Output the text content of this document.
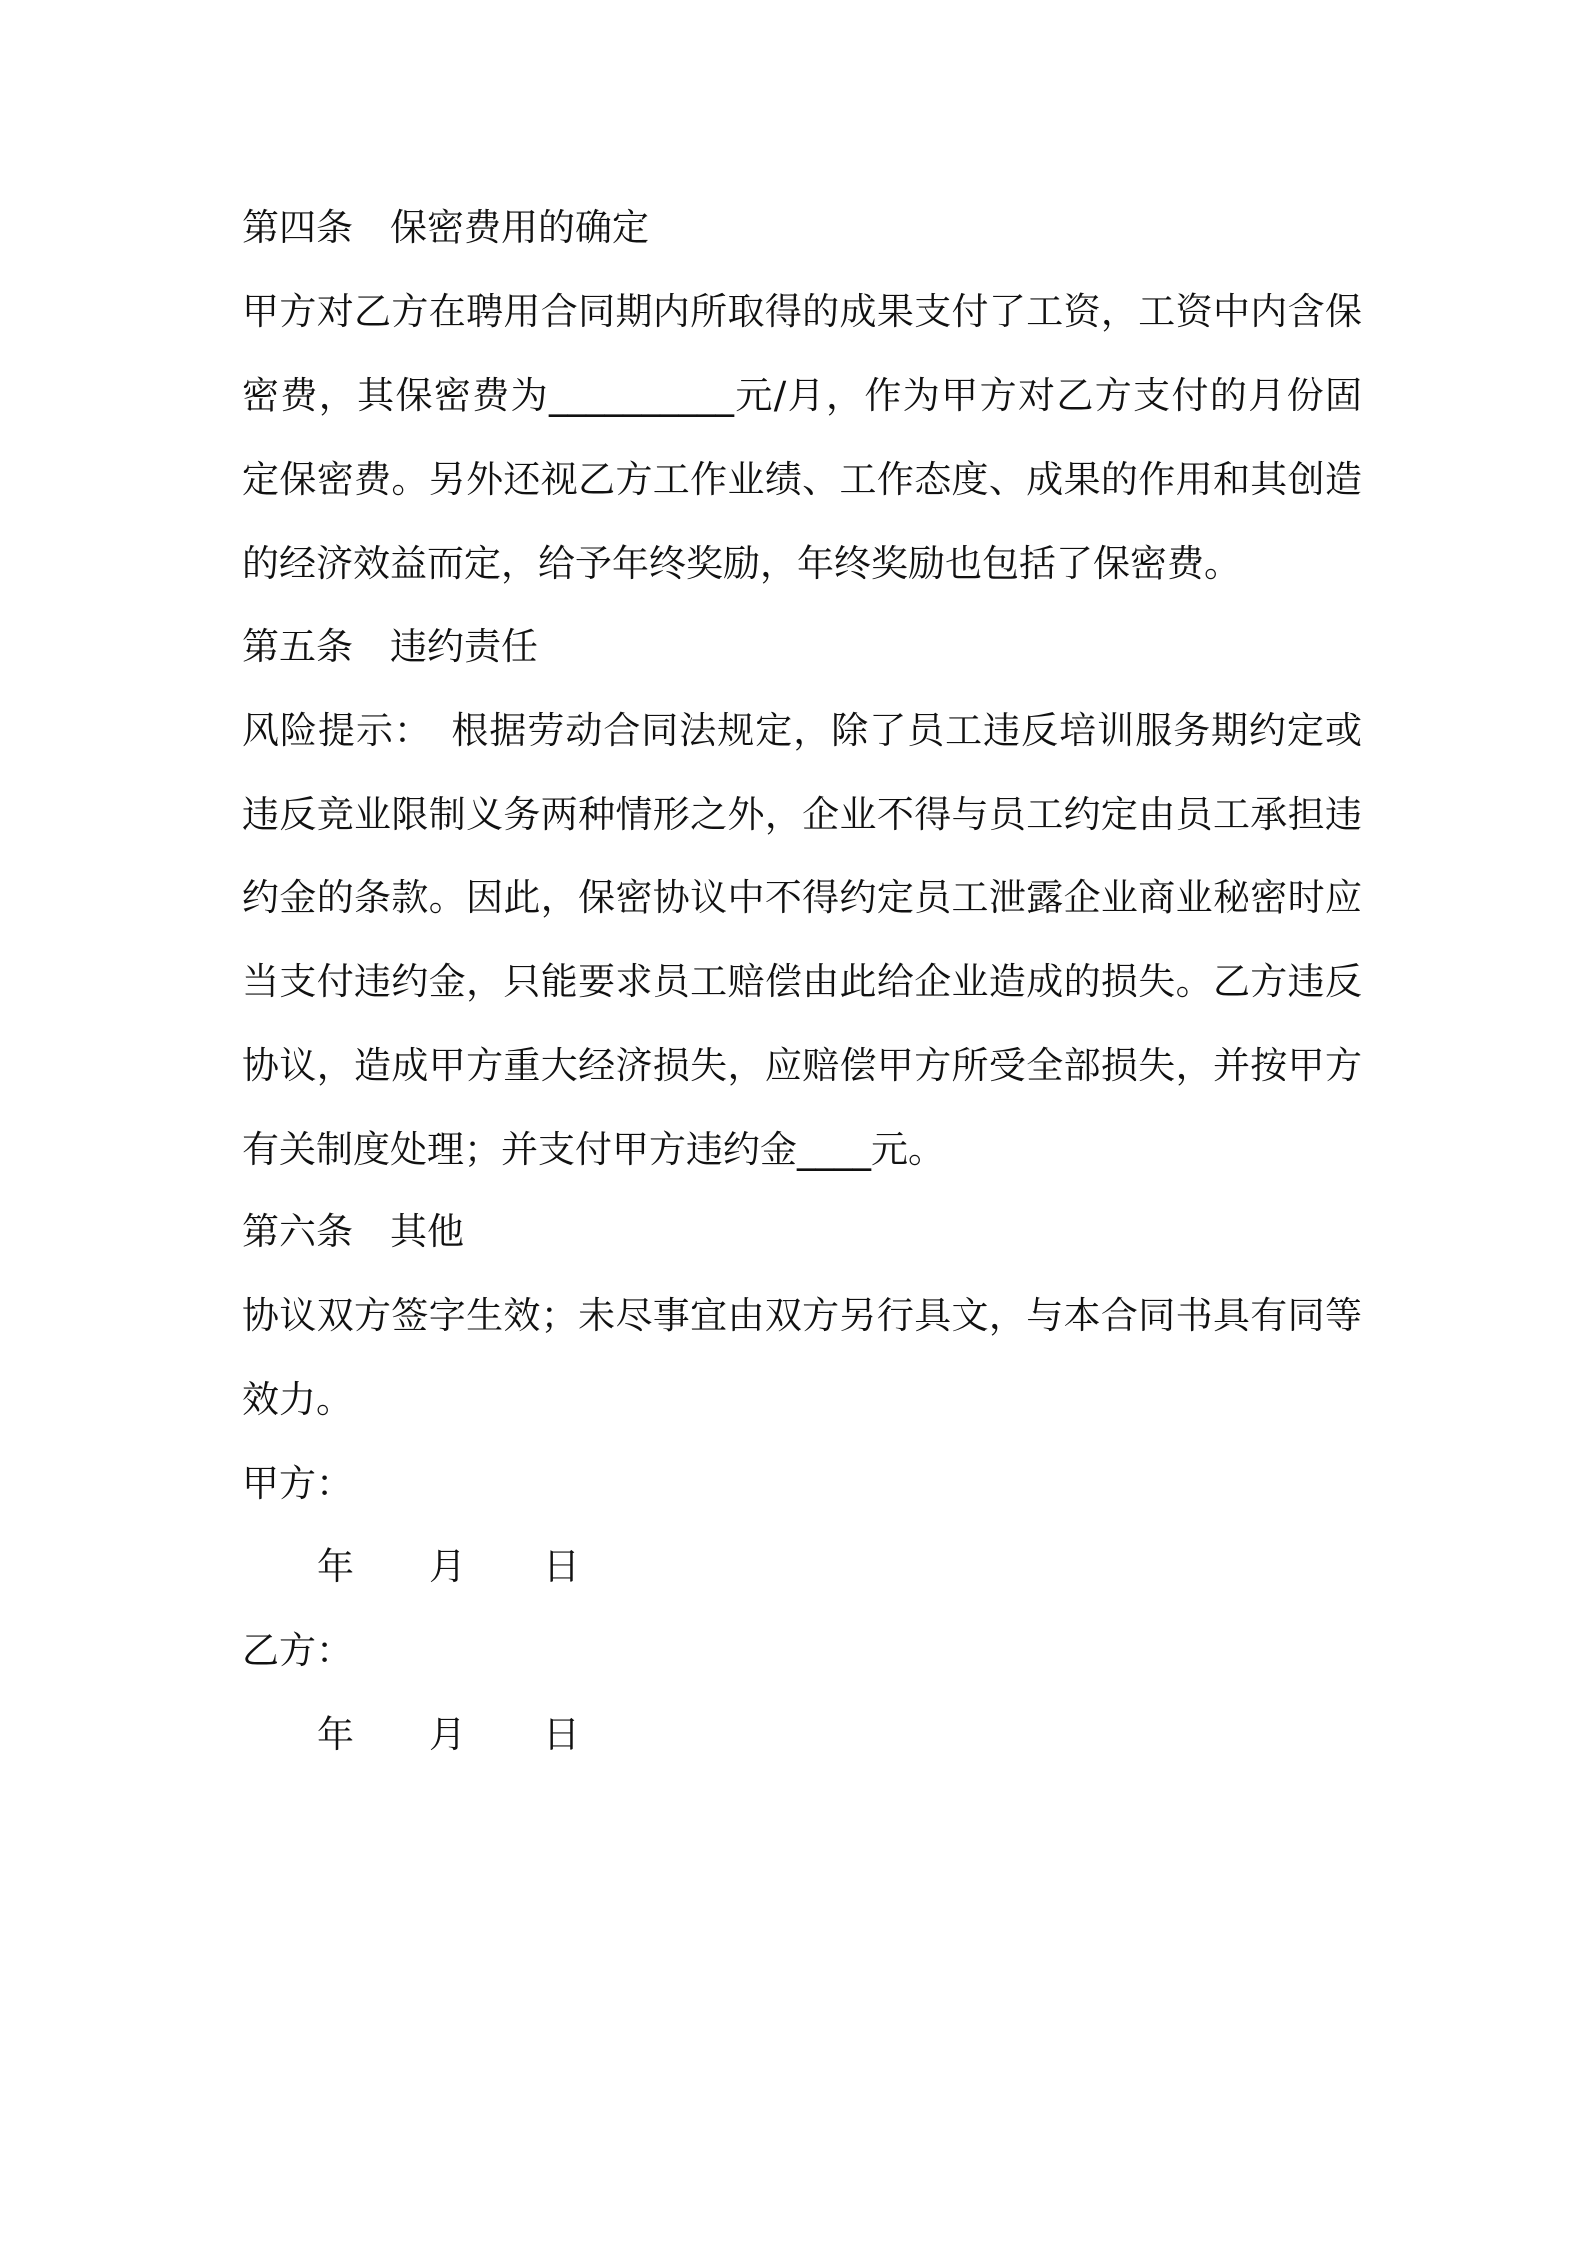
第四条　保密费用的确定
甲方对乙方在聘用合同期内所取得的成果支付了工资，工资中内含保
密费，其保密费为__________元/月，作为甲方对乙方支付的月份固
定保密费。另外还视乙方工作业绩、工作态度、成果的作用和其创造
的经济效益而定，给予年终奖励，年终奖励也包括了保密费。
第五条　违约责任
风险提示：　根据劳动合同法规定，除了员工违反培训服务期约定或
违反竞业限制义务两种情形之外，企业不得与员工约定由员工承担违
约金的条款。因此，保密协议中不得约定员工泄露企业商业秘密时应
当支付违约金，只能要求员工赔偿由此给企业造成的损失。乙方违反
协议，造成甲方重大经济损失，应赔偿甲方所受全部损失，并按甲方
有关制度处理；并支付甲方违约金____元。
第六条　其他
协议双方签字生效；未尽事宜由双方另行具文，与本合同书具有同等
效力。
甲方：
年 月 日
乙方：
年 月 日
